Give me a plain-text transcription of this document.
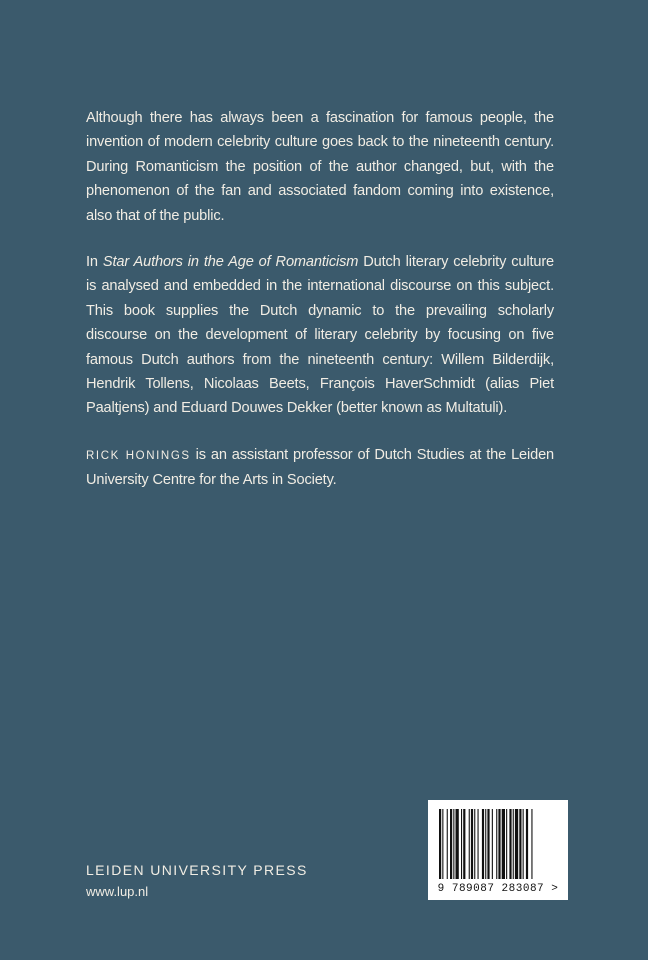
Although there has always been a fascination for famous people, the invention of modern celebrity culture goes back to the nineteenth century. During Romanticism the position of the author changed, but, with the phenomenon of the fan and associated fandom coming into existence, also that of the public.

In Star Authors in the Age of Romanticism Dutch literary celebrity culture is analysed and embedded in the international discourse on this subject. This book supplies the Dutch dynamic to the prevailing scholarly discourse on the development of literary celebrity by focusing on five famous Dutch authors from the nineteenth century: Willem Bilderdijk, Hendrik Tollens, Nicolaas Beets, François HaverSchmidt (alias Piet Paaltjens) and Eduard Douwes Dekker (better known as Multatuli).

RICK HONINGS is an assistant professor of Dutch Studies at the Leiden University Centre for the Arts in Society.

LEIDEN UNIVERSITY PRESS
www.lup.nl	9 789087 283087 >
